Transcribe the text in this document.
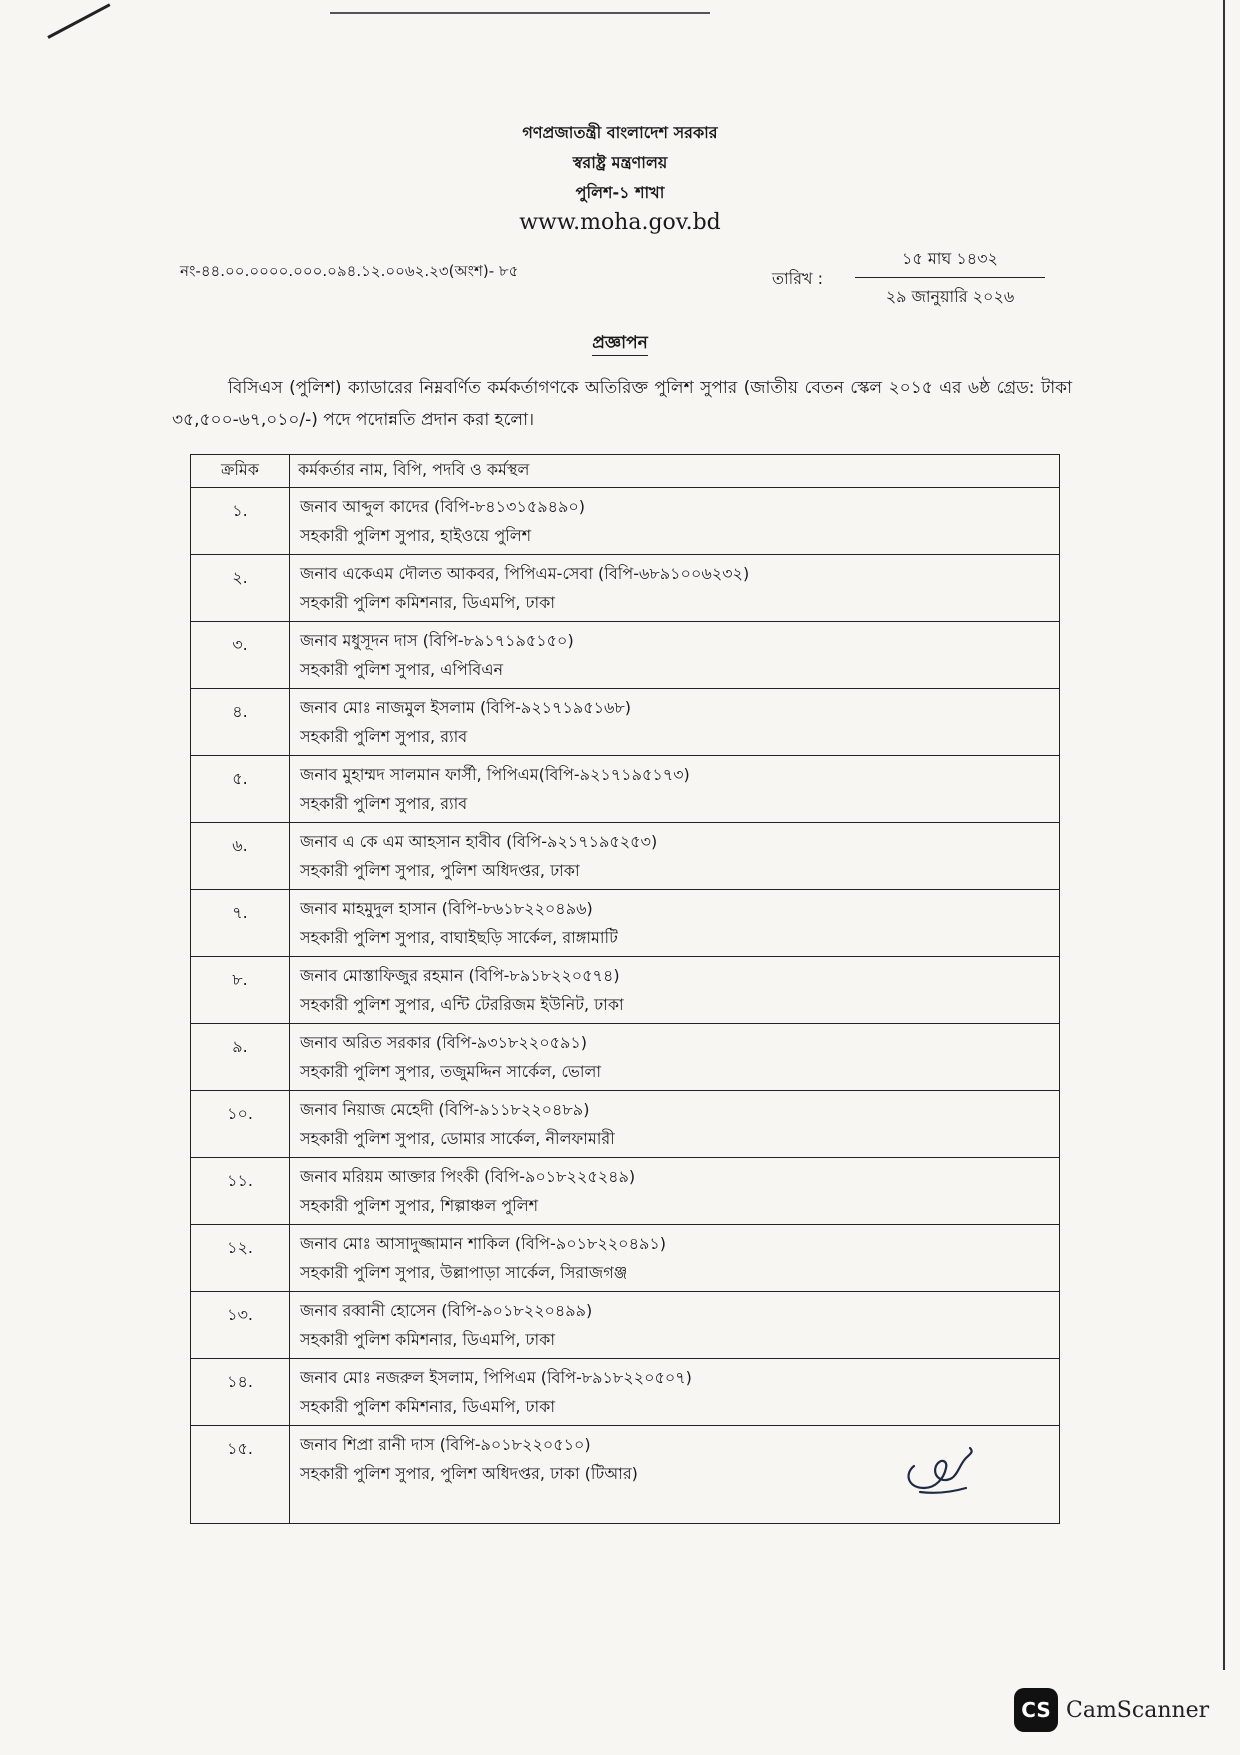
গণপ্রজাতন্ত্রী বাংলাদেশ সরকার
স্বরাষ্ট্র মন্ত্রণালয়
পুলিশ-১ শাখা
www.moha.gov.bd
নং-৪৪.০০.০০০০.০০০.০৯৪.১২.০০৬২.২৩(অংশ)- ৮৫	তারিখ :
১৫ মাঘ ১৪৩২
২৯ জানুয়ারি ২০২৬
প্রজ্ঞাপন
বিসিএস (পুলিশ) ক্যাডারের নিম্নবর্ণিত কর্মকর্তাগণকে অতিরিক্ত পুলিশ সুপার (জাতীয় বেতন স্কেল ২০১৫ এর ৬ষ্ঠ গ্রেড: টাকা ৩৫,৫০০-৬৭,০১০/-) পদে পদোন্নতি প্রদান করা হলো।
ক্রমিক	কর্মকর্তার নাম, বিপি, পদবি ও কর্মস্থল
১.	জনাব আব্দুল কাদের (বিপি-৮৪১৩১৫৯৪৯০)
সহকারী পুলিশ সুপার, হাইওয়ে পুলিশ

২.	জনাব একেএম দৌলত আকবর, পিপিএম-সেবা (বিপি-৬৮৯১০০৬২৩২)
সহকারী পুলিশ কমিশনার, ডিএমপি, ঢাকা

৩.	জনাব মধুসূদন দাস (বিপি-৮৯১৭১৯৫১৫০)
সহকারী পুলিশ সুপার, এপিবিএন

৪.	জনাব মোঃ নাজমুল ইসলাম (বিপি-৯২১৭১৯৫১৬৮)
সহকারী পুলিশ সুপার, র‍্যাব

৫.	জনাব মুহাম্মদ সালমান ফার্সী, পিপিএম(বিপি-৯২১৭১৯৫১৭৩)
সহকারী পুলিশ সুপার, র‍্যাব

৬.	জনাব এ কে এম আহসান হাবীব (বিপি-৯২১৭১৯৫২৫৩)
সহকারী পুলিশ সুপার, পুলিশ অধিদপ্তর, ঢাকা

৭.	জনাব মাহমুদুল হাসান (বিপি-৮৬১৮২২০৪৯৬)
সহকারী পুলিশ সুপার, বাঘাইছড়ি সার্কেল, রাঙ্গামাটি

৮.	জনাব মোস্তাফিজুর রহমান (বিপি-৮৯১৮২২০৫৭৪)
সহকারী পুলিশ সুপার, এন্টি টেররিজম ইউনিট, ঢাকা

৯.	জনাব অরিত সরকার (বিপি-৯৩১৮২২০৫৯১)
সহকারী পুলিশ সুপার, তজুমদ্দিন সার্কেল, ভোলা

১০.	জনাব নিয়াজ মেহেদী (বিপি-৯১১৮২২০৪৮৯)
সহকারী পুলিশ সুপার, ডোমার সার্কেল, নীলফামারী

১১.	জনাব মরিয়ম আক্তার পিংকী (বিপি-৯০১৮২২৫২৪৯)
সহকারী পুলিশ সুপার, শিল্পাঞ্চল পুলিশ

১২.	জনাব মোঃ আসাদুজ্জামান শাকিল (বিপি-৯০১৮২২০৪৯১)
সহকারী পুলিশ সুপার, উল্লাপাড়া সার্কেল, সিরাজগঞ্জ

১৩.	জনাব রব্বানী হোসেন (বিপি-৯০১৮২২০৪৯৯)
সহকারী পুলিশ কমিশনার, ডিএমপি, ঢাকা

১৪.	জনাব মোঃ নজরুল ইসলাম, পিপিএম (বিপি-৮৯১৮২২০৫০৭)
সহকারী পুলিশ কমিশনার, ডিএমপি, ঢাকা

১৫.	জনাব শিপ্রা রানী দাস (বিপি-৯০১৮২২০৫১০)
সহকারী পুলিশ সুপার, পুলিশ অধিদপ্তর, ঢাকা (টিআর)
CS CamScanner
